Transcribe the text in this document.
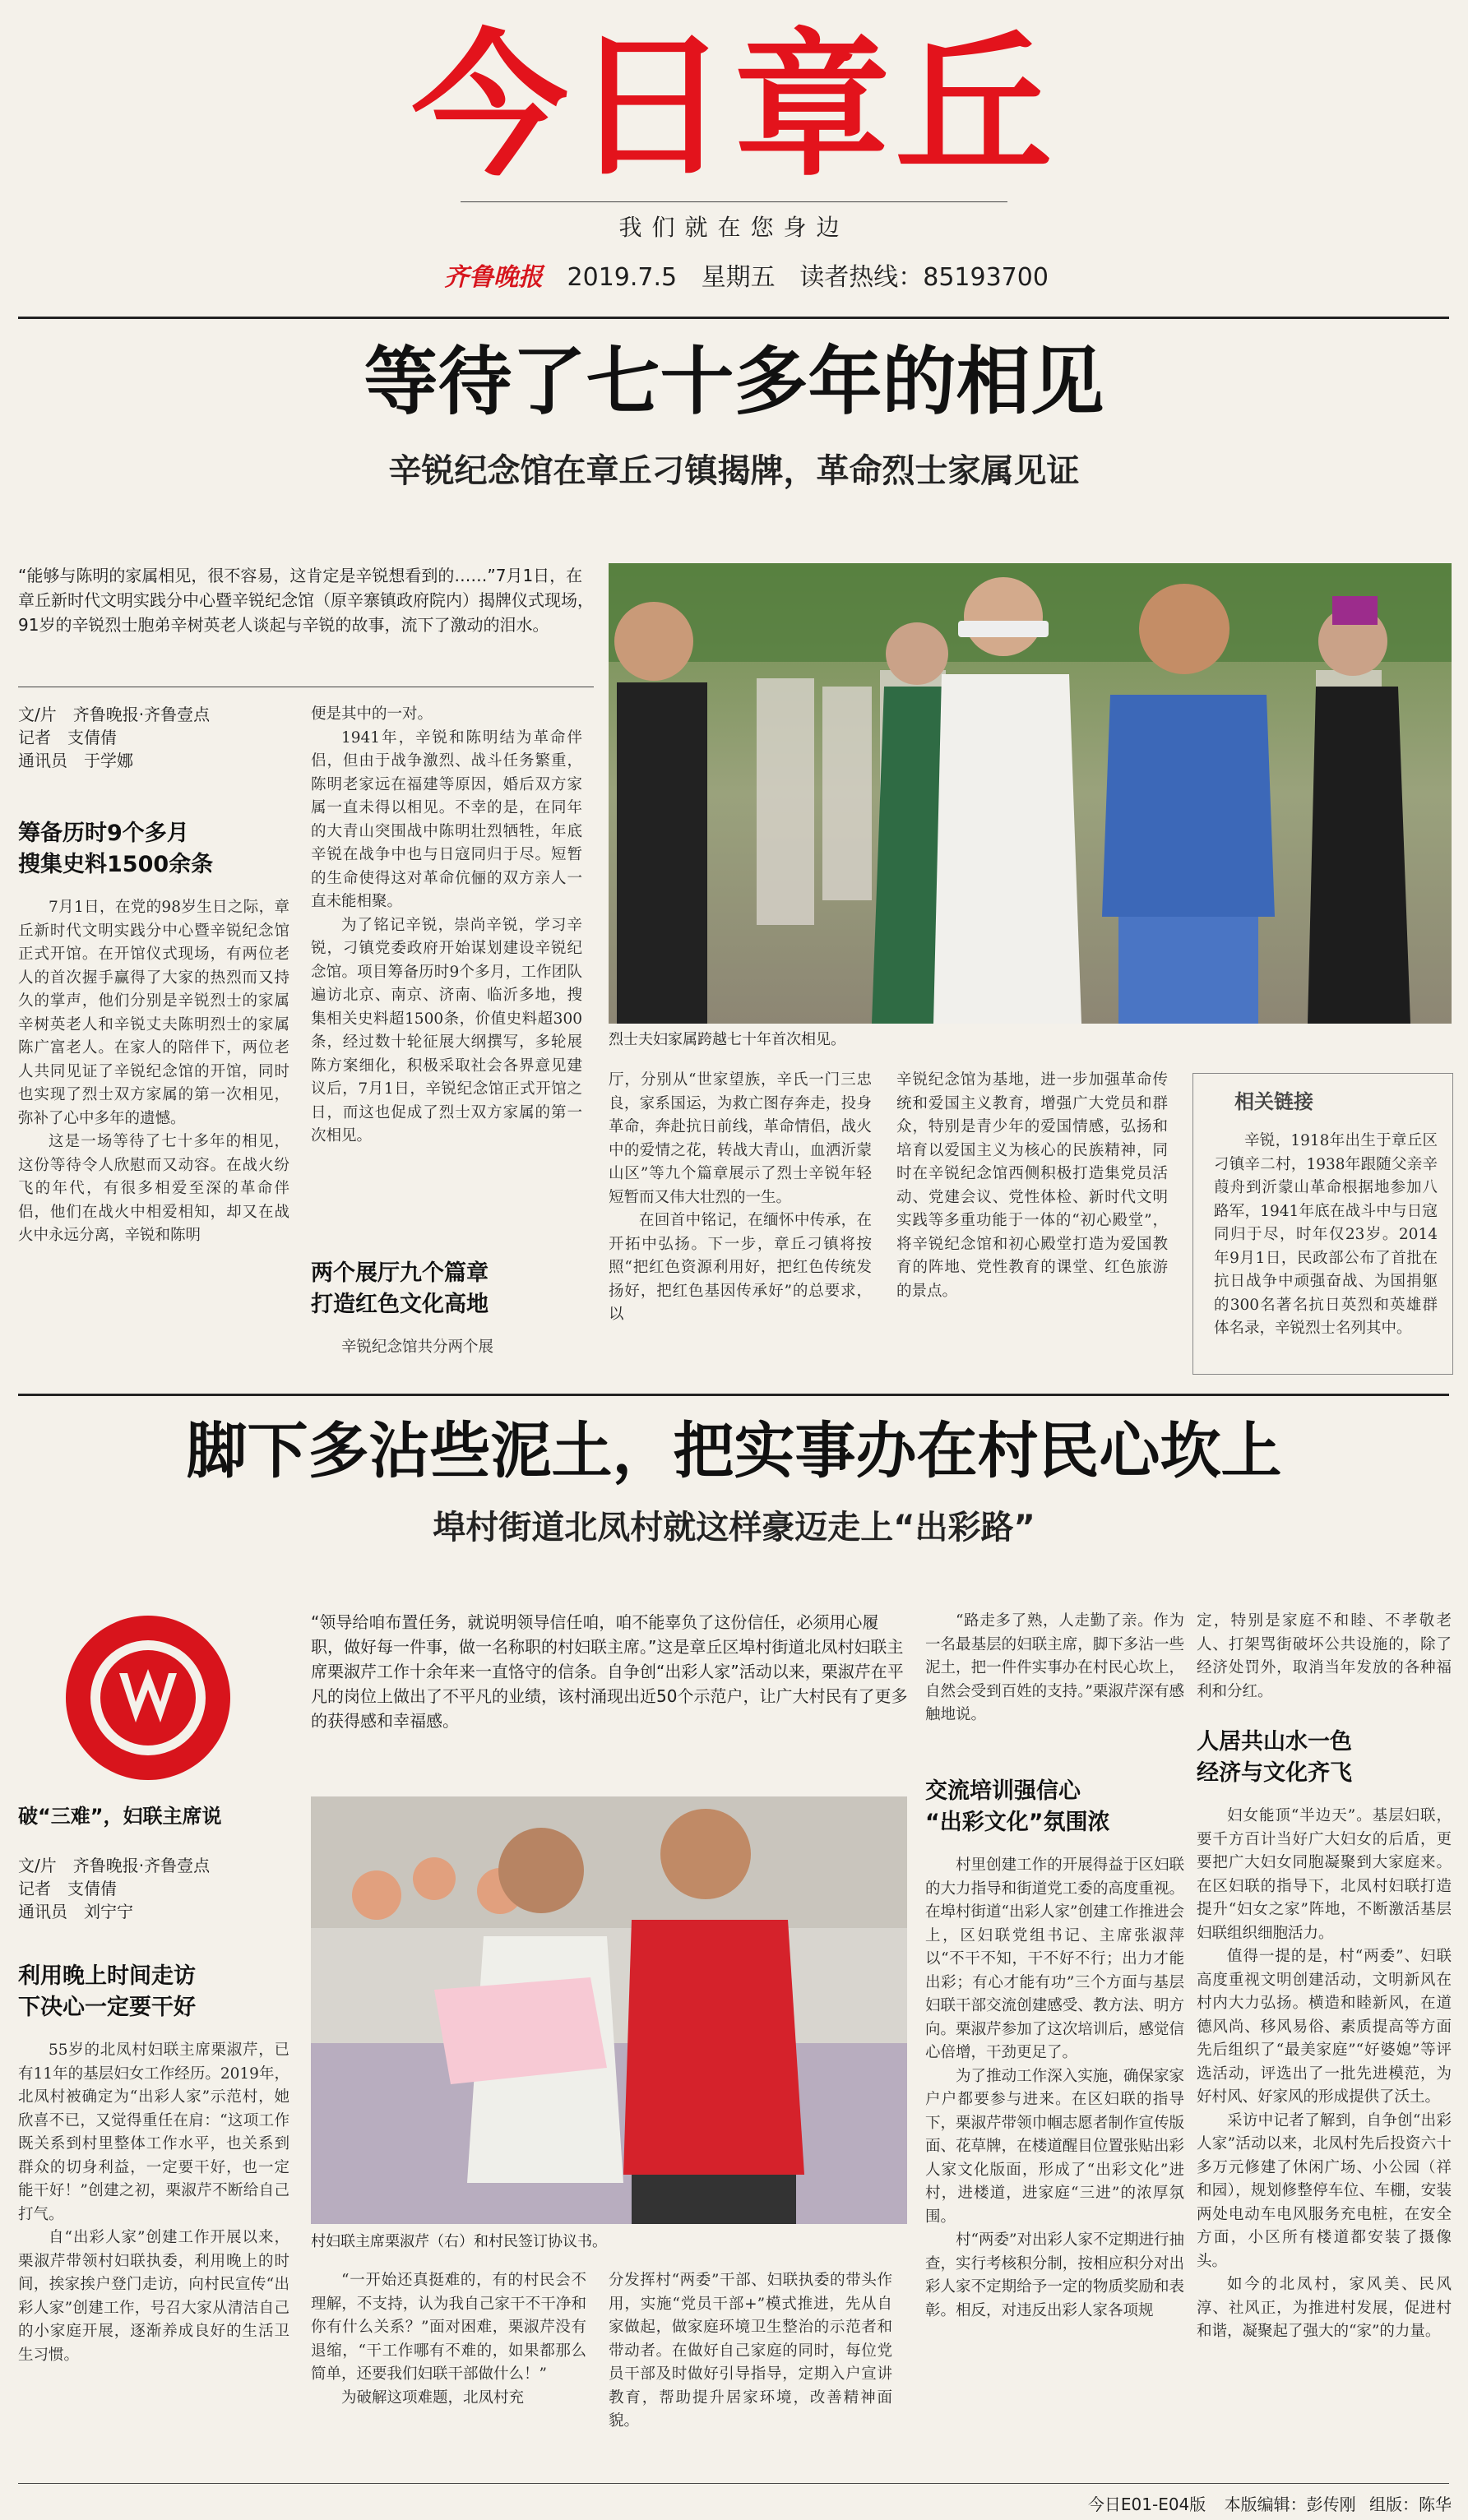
今日章丘
我们就在您身边
齐鲁晚报 2019.7.5 星期五 读者热线：85193700
等待了七十多年的相见
辛锐纪念馆在章丘刁镇揭牌，革命烈士家属见证
“能够与陈明的家属相见，很不容易，这肯定是辛锐想看到的……”7月1日，在章丘新时代文明实践分中心暨辛锐纪念馆（原辛寨镇政府院内）揭牌仪式现场，91岁的辛锐烈士胞弟辛树英老人谈起与辛锐的故事，流下了激动的泪水。
文/片　齐鲁晚报·齐鲁壹点
记者　支倩倩
通讯员　于学娜
筹备历时9个多月
搜集史料1500余条

7月1日，在党的98岁生日之际，章丘新时代文明实践分中心暨辛锐纪念馆正式开馆。在开馆仪式现场，有两位老人的首次握手赢得了大家的热烈而又持久的掌声，他们分别是辛锐烈士的家属辛树英老人和辛锐丈夫陈明烈士的家属陈广富老人。在家人的陪伴下，两位老人共同见证了辛锐纪念馆的开馆，同时也实现了烈士双方家属的第一次相见，弥补了心中多年的遗憾。

这是一场等待了七十多年的相见，这份等待令人欣慰而又动容。在战火纷飞的年代，有很多相爱至深的革命伴侣，他们在战火中相爱相知，却又在战火中永远分离，辛锐和陈明

便是其中的一对。

1941年，辛锐和陈明结为革命伴侣，但由于战争激烈、战斗任务繁重，陈明老家远在福建等原因，婚后双方家属一直未得以相见。不幸的是，在同年的大青山突围战中陈明壮烈牺牲，年底辛锐在战争中也与日寇同归于尽。短暂的生命使得这对革命伉俪的双方亲人一直未能相聚。

为了铭记辛锐，崇尚辛锐，学习辛锐，刁镇党委政府开始谋划建设辛锐纪念馆。项目筹备历时9个多月，工作团队遍访北京、南京、济南、临沂多地，搜集相关史料超1500条，价值史料超300条，经过数十轮征展大纲撰写，多轮展陈方案细化，积极采取社会各界意见建议后，7月1日，辛锐纪念馆正式开馆之日，而这也促成了烈士双方家属的第一次相见。

两个展厅九个篇章
打造红色文化高地

辛锐纪念馆共分两个展

烈士夫妇家属跨越七十年首次相见。

厅，分别从“世家望族，辛氏一门三忠良，家系国运，为救亡图存奔走，投身革命，奔赴抗日前线，革命情侣，战火中的爱情之花，转战大青山，血洒沂蒙山区”等九个篇章展示了烈士辛锐年轻短暂而又伟大壮烈的一生。

在回首中铭记，在缅怀中传承，在开拓中弘扬。下一步，章丘刁镇将按照“把红色资源利用好，把红色传统发扬好，把红色基因传承好”的总要求，以

辛锐纪念馆为基地，进一步加强革命传统和爱国主义教育，增强广大党员和群众，特别是青少年的爱国情感，弘扬和培育以爱国主义为核心的民族精神，同时在辛锐纪念馆西侧积极打造集党员活动、党建会议、党性体检、新时代文明实践等多重功能于一体的“初心殿堂”，将辛锐纪念馆和初心殿堂打造为爱国教育的阵地、党性教育的课堂、红色旅游的景点。

相关链接

辛锐，1918年出生于章丘区刁镇辛二村，1938年跟随父亲辛葭舟到沂蒙山革命根据地参加八路军，1941年底在战斗中与日寇同归于尽，时年仅23岁。2014年9月1日，民政部公布了首批在抗日战争中顽强奋战、为国捐躯的300名著名抗日英烈和英雄群体名录，辛锐烈士名列其中。

脚下多沾些泥土，把实事办在村民心坎上
埠村街道北凤村就这样豪迈走上“出彩路”
破“三难”，妇联主席说
文/片　齐鲁晚报·齐鲁壹点
记者　支倩倩
通讯员　刘宁宁
利用晚上时间走访
下决心一定要干好

55岁的北凤村妇联主席栗淑芹，已有11年的基层妇女工作经历。2019年，北凤村被确定为“出彩人家”示范村，她欣喜不已，又觉得重任在肩：“这项工作既关系到村里整体工作水平，也关系到群众的切身利益，一定要干好，也一定能干好！”创建之初，栗淑芹不断给自己打气。

自“出彩人家”创建工作开展以来，栗淑芹带领村妇联执委，利用晚上的时间，挨家挨户登门走访，向村民宣传“出彩人家”创建工作，号召大家从清洁自己的小家庭开展，逐渐养成良好的生活卫生习惯。

“领导给咱布置任务，就说明领导信任咱，咱不能辜负了这份信任，必须用心履职，做好每一件事，做一名称职的村妇联主席。”这是章丘区埠村街道北凤村妇联主席栗淑芹工作十余年来一直恪守的信条。自争创“出彩人家”活动以来，栗淑芹在平凡的岗位上做出了不平凡的业绩，该村涌现出近50个示范户，让广大村民有了更多的获得感和幸福感。
村妇联主席栗淑芹（右）和村民签订协议书。

“一开始还真挺难的，有的村民会不理解，不支持，认为我自己家干不干净和你有什么关系？”面对困难，栗淑芹没有退缩，“干工作哪有不难的，如果都那么简单，还要我们妇联干部做什么！”

为破解这项难题，北凤村充

分发挥村“两委”干部、妇联执委的带头作用，实施“党员干部+”模式推进，先从自家做起，做家庭环境卫生整治的示范者和带动者。在做好自己家庭的同时，每位党员干部及时做好引导指导，定期入户宣讲教育，帮助提升居家环境，改善精神面貌。

“路走多了熟，人走勤了亲。作为一名最基层的妇联主席，脚下多沾一些泥土，把一件件实事办在村民心坎上，自然会受到百姓的支持。”栗淑芹深有感触地说。

交流培训强信心
“出彩文化”氛围浓

村里创建工作的开展得益于区妇联的大力指导和街道党工委的高度重视。在埠村街道“出彩人家”创建工作推进会上，区妇联党组书记、主席张淑萍以“不干不知，干不好不行；出力才能出彩；有心才能有功”三个方面与基层妇联干部交流创建感受、教方法、明方向。栗淑芹参加了这次培训后，感觉信心倍增，干劲更足了。

为了推动工作深入实施，确保家家户户都要参与进来。在区妇联的指导下，栗淑芹带领巾帼志愿者制作宣传版面、花草牌，在楼道醒目位置张贴出彩人家文化版面，形成了“出彩文化”进村，进楼道，进家庭“三进”的浓厚氛围。

村“两委”对出彩人家不定期进行抽查，实行考核积分制，按相应积分对出彩人家不定期给予一定的物质奖励和表彰。相反，对违反出彩人家各项规

定，特别是家庭不和睦、不孝敬老人、打架骂街破坏公共设施的，除了经济处罚外，取消当年发放的各种福利和分红。

人居共山水一色
经济与文化齐飞

妇女能顶“半边天”。基层妇联，要千方百计当好广大妇女的后盾，更要把广大妇女同胞凝聚到大家庭来。在区妇联的指导下，北凤村妇联打造提升“妇女之家”阵地，不断激活基层妇联组织细胞活力。

值得一提的是，村“两委”、妇联高度重视文明创建活动，文明新风在村内大力弘扬。横造和睦新风，在道德风尚、移风易俗、素质提高等方面先后组织了“最美家庭”“好婆媳”等评选活动，评选出了一批先进模范，为好村风、好家风的形成提供了沃土。

采访中记者了解到，自争创“出彩人家”活动以来，北凤村先后投资六十多万元修建了休闲广场、小公园（祥和园），规划修整停车位、车棚，安装两处电动车电风服务充电桩，在安全方面，小区所有楼道都安装了摄像头。

如今的北凤村，家风美、民风淳、社风正，为推进村发展，促进村和谐，凝聚起了强大的“家”的力量。

今日E01-E04版 本版编辑：彭传刚 组版：陈华
